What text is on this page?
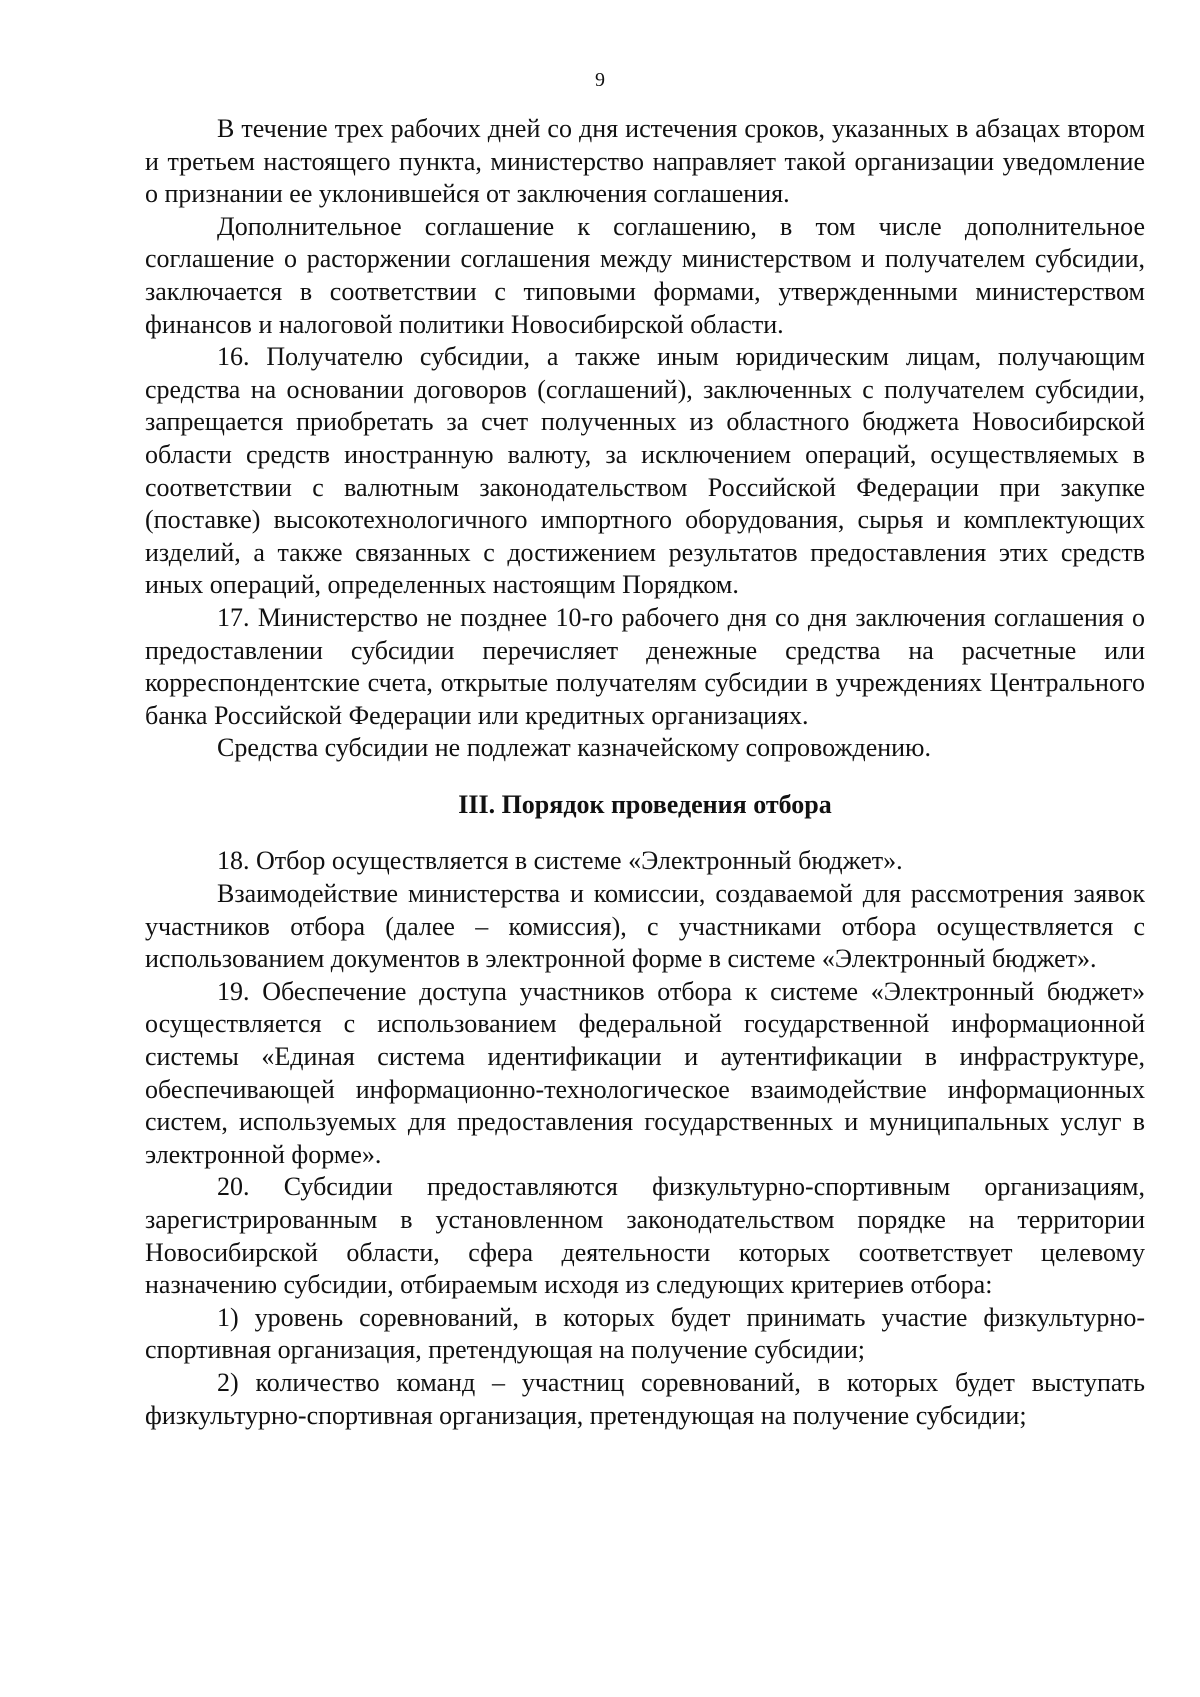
9

В течение трех рабочих дней со дня истечения сроков, указанных в абзацах втором и третьем настоящего пункта, министерство направляет такой организации уведомление о признании ее уклонившейся от заключения соглашения.

Дополнительное соглашение к соглашению, в том числе дополнительное соглашение о расторжении соглашения между министерством и получателем субсидии, заключается в соответствии с типовыми формами, утвержденными министерством финансов и налоговой политики Новосибирской области.

16. Получателю субсидии, а также иным юридическим лицам, получающим средства на основании договоров (соглашений), заключенных с получателем субсидии, запрещается приобретать за счет полученных из областного бюджета Новосибирской области средств иностранную валюту, за исключением операций, осуществляемых в соответствии с валютным законодательством Российской Федерации при закупке (поставке) высокотехнологичного импортного оборудования, сырья и комплектующих изделий, а также связанных с достижением результатов предоставления этих средств иных операций, определенных настоящим Порядком.

17. Министерство не позднее 10-го рабочего дня со дня заключения соглашения о предоставлении субсидии перечисляет денежные средства на расчетные или корреспондентские счета, открытые получателям субсидии в учреждениях Центрального банка Российской Федерации или кредитных организациях.

Средства субсидии не подлежат казначейскому сопровождению.

III. Порядок проведения отбора

18. Отбор осуществляется в системе «Электронный бюджет».

Взаимодействие министерства и комиссии, создаваемой для рассмотрения заявок участников отбора (далее – комиссия), с участниками отбора осуществляется с использованием документов в электронной форме в системе «Электронный бюджет».

19. Обеспечение доступа участников отбора к системе «Электронный бюджет» осуществляется с использованием федеральной государственной информационной системы «Единая система идентификации и аутентификации в инфраструктуре, обеспечивающей информационно-технологическое взаимодействие информационных систем, используемых для предоставления государственных и муниципальных услуг в электронной форме».

20. Субсидии предоставляются физкультурно-спортивным организациям, зарегистрированным в установленном законодательством порядке на территории Новосибирской области, сфера деятельности которых соответствует целевому назначению субсидии, отбираемым исходя из следующих критериев отбора:

1) уровень соревнований, в которых будет принимать участие физкультурно-спортивная организация, претендующая на получение субсидии;

2) количество команд – участниц соревнований, в которых будет выступать физкультурно-спортивная организация, претендующая на получение субсидии;
